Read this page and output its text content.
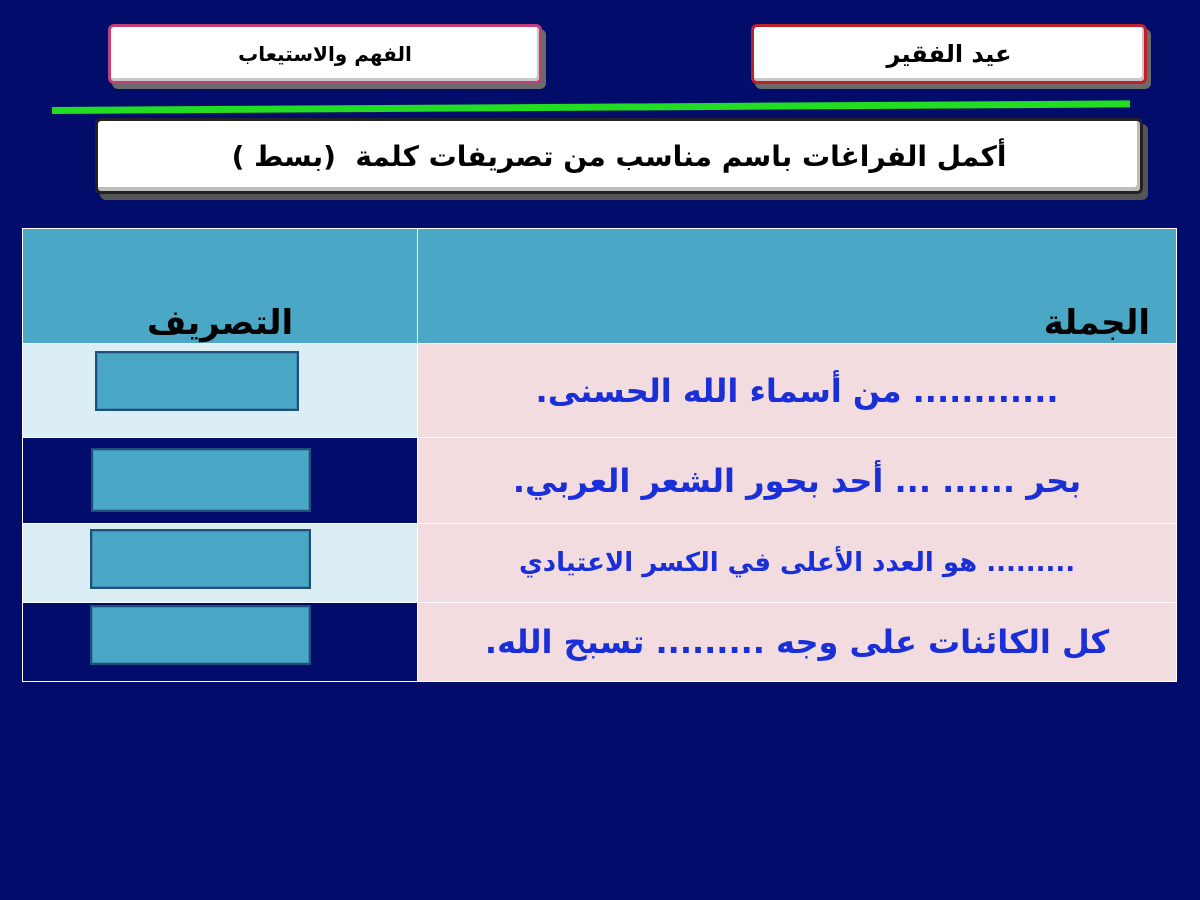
عيد الفقير
الفهم والاستيعاب
أكمل الفراغات باسم مناسب من تصريفات كلمة  (بسط )
الجملة	التصريف
............ من أسماء الله الحسنى.	

بحر ...... ... أحد بحور الشعر العربي.	

......... هو العدد الأعلى في الكسر الاعتيادي	

كل الكائنات على وجه ......... تسبح الله.	
